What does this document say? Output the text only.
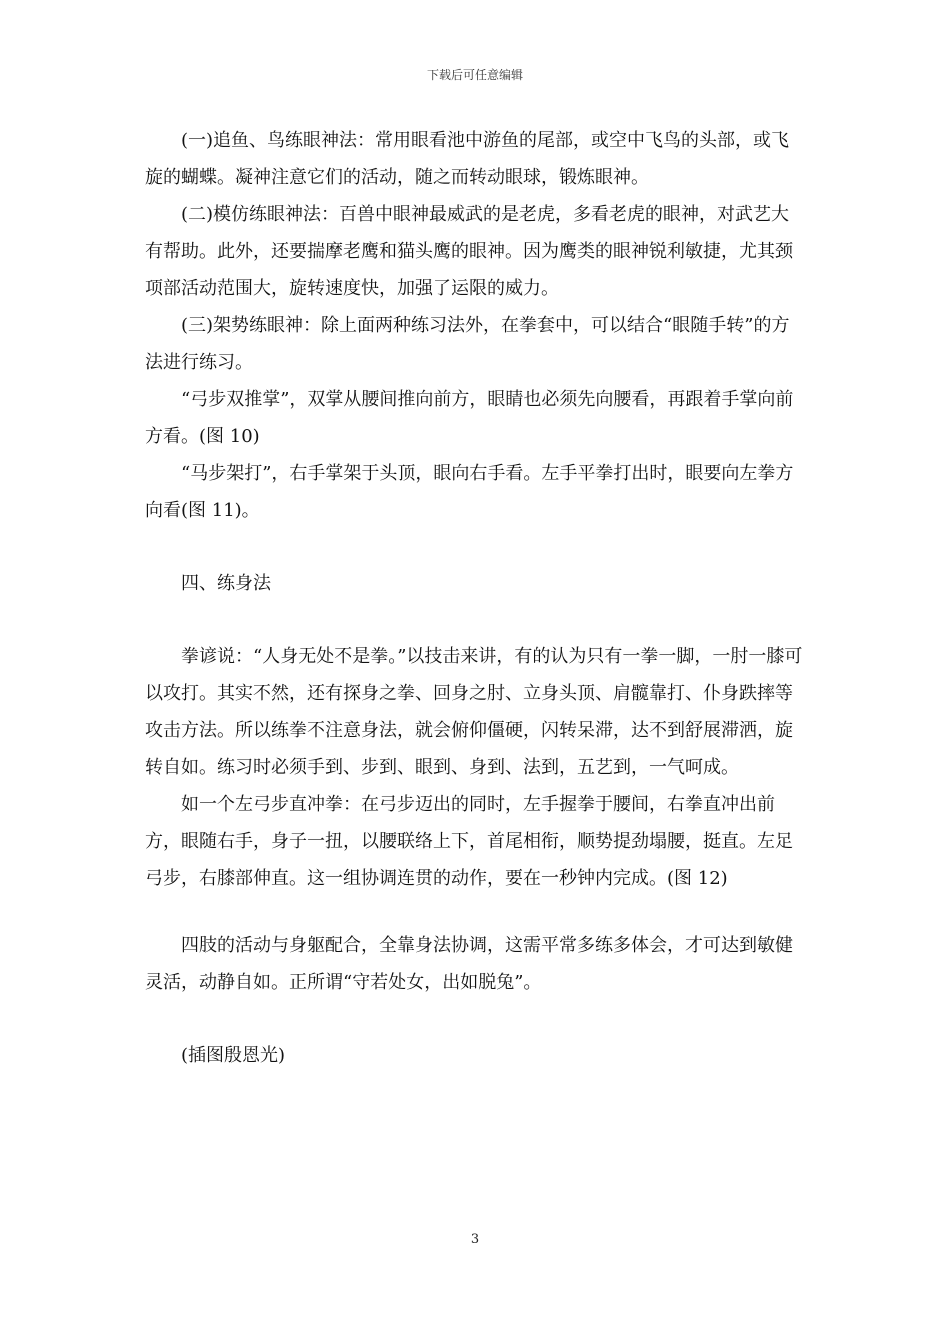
下载后可任意编辑

(一)追鱼、鸟练眼神法：常用眼看池中游鱼的尾部，或空中飞鸟的头部，或飞旋的蝴蝶。凝神注意它们的活动，随之而转动眼球，锻炼眼神。

(二)模仿练眼神法：百兽中眼神最威武的是老虎，多看老虎的眼神，对武艺大有帮助。此外，还要揣摩老鹰和猫头鹰的眼神。因为鹰类的眼神锐利敏捷，尤其颈项部活动范围大，旋转速度快，加强了运限的威力。

(三)架势练眼神：除上面两种练习法外，在拳套中，可以结合“眼随手转”的方法进行练习。

“弓步双推掌”，双掌从腰间推向前方，眼睛也必须先向腰看，再跟着手掌向前方看。(图 10)

“马步架打”，右手掌架于头顶，眼向右手看。左手平拳打出时，眼要向左拳方向看(图 11)。

四、练身法

拳谚说：“人身无处不是拳。”以技击来讲，有的认为只有一拳一脚，一肘一膝可以攻打。其实不然，还有探身之拳、回身之肘、立身头顶、肩髋靠打、仆身跌摔等攻击方法。所以练拳不注意身法，就会俯仰僵硬，闪转呆滞，达不到舒展滞洒，旋转自如。练习时必须手到、步到、眼到、身到、法到，五艺到，一气呵成。

如一个左弓步直冲拳：在弓步迈出的同时，左手握拳于腰间，右拳直冲出前方，眼随右手，身子一扭，以腰联络上下，首尾相衔，顺势提劲塌腰，挺直。左足弓步，右膝部伸直。这一组协调连贯的动作，要在一秒钟内完成。(图 12)

四肢的活动与身躯配合，全靠身法协调，这需平常多练多体会，才可达到敏健灵活，动静自如。正所谓“守若处女，出如脱兔”。

(插图殷恩光)

3
